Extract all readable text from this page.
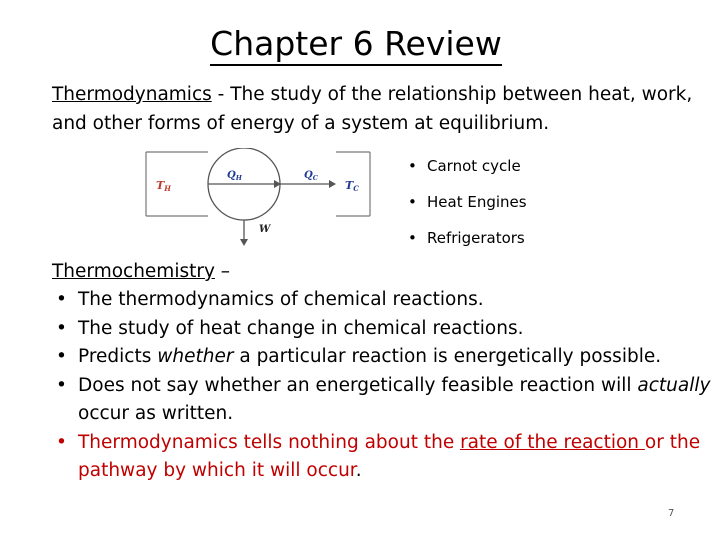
Chapter 6 Review

Thermodynamics - The study of the relationship between heat, work, and other forms of energy of a system at equilibrium.

TH
$Q_H$	$Q_C$
TC
W
• Carnot cycle
• Heat Engines
• Refrigerators

Thermochemistry –

• The thermodynamics of chemical reactions.
• The study of heat change in chemical reactions.
• Predicts whether a particular reaction is energetically possible.
• Does not say whether an energetically feasible reaction will actually occur as written.
• Thermodynamics tells nothing about the rate of the reaction or the pathway by which it will occur.
7
